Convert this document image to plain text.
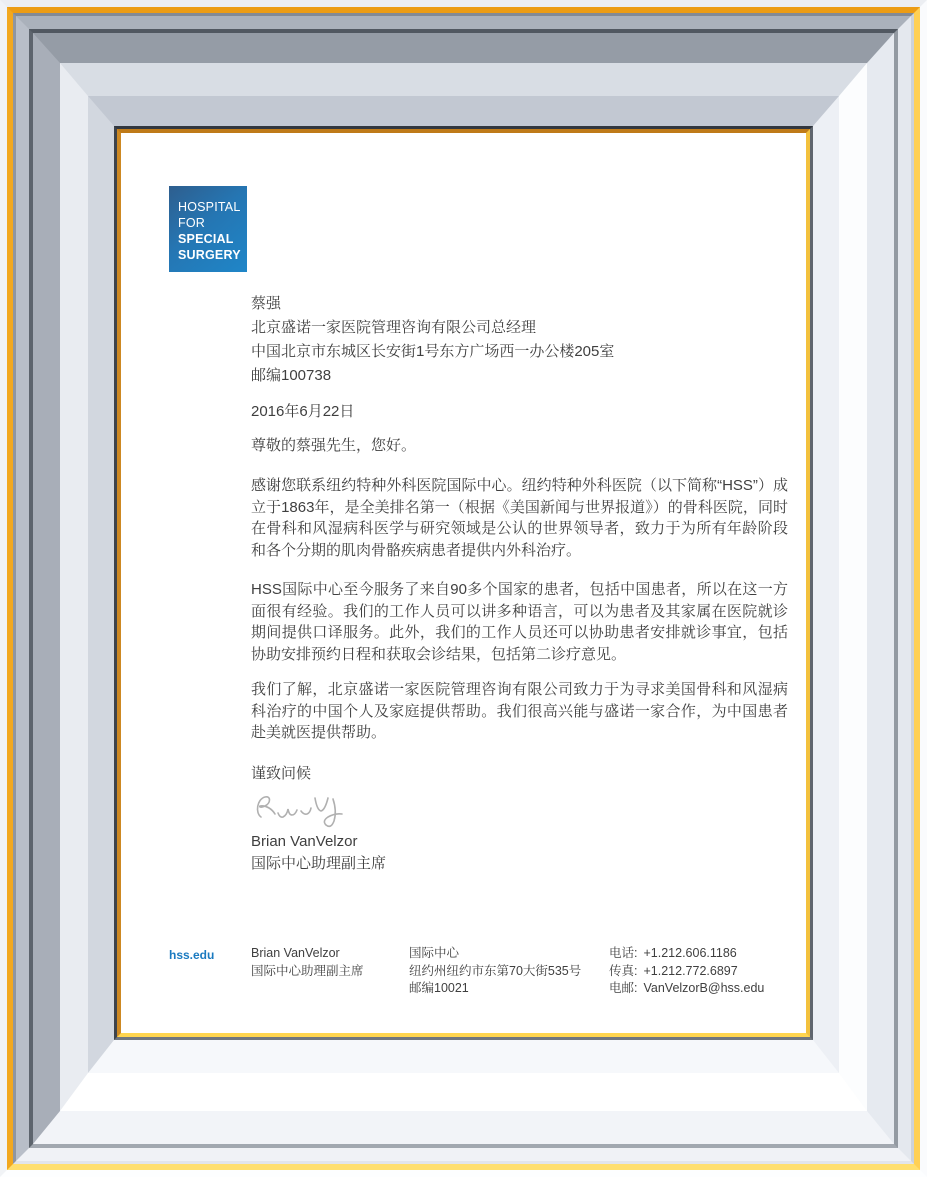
HOSPITAL
FOR
SPECIAL
SURGERY
蔡强
北京盛诺一家医院管理咨询有限公司总经理
中国北京市东城区长安街1号东方广场西一办公楼205室
邮编100738
2016年6月22日
尊敬的蔡强先生，您好。

感谢您联系纽约特种外科医院国际中心。纽约特种外科医院（以下简称“HSS”）成立于1863年，是全美排名第一（根据《美国新闻与世界报道》）的骨科医院，同时在骨科和风湿病科医学与研究领域是公认的世界领导者，致力于为所有年龄阶段和各个分期的肌肉骨骼疾病患者提供内外科治疗。

HSS国际中心至今服务了来自90多个国家的患者，包括中国患者，所以在这一方面很有经验。我们的工作人员可以讲多种语言，可以为患者及其家属在医院就诊期间提供口译服务。此外，我们的工作人员还可以协助患者安排就诊事宜，包括协助安排预约日程和获取会诊结果，包括第二诊疗意见。

我们了解，北京盛诺一家医院管理咨询有限公司致力于为寻求美国骨科和风湿病科治疗的中国个人及家庭提供帮助。我们很高兴能与盛诺一家合作，为中国患者赴美就医提供帮助。

谨致问候
Brian VanVelzor
国际中心助理副主席
hss.edu	Brian VanVelzor
国际中心助理副主席
国际中心
纽约州纽约市东第70大街535号
邮编10021
电话: +1.212.606.1186
传真: +1.212.772.6897
电邮: VanVelzorB@hss.edu
